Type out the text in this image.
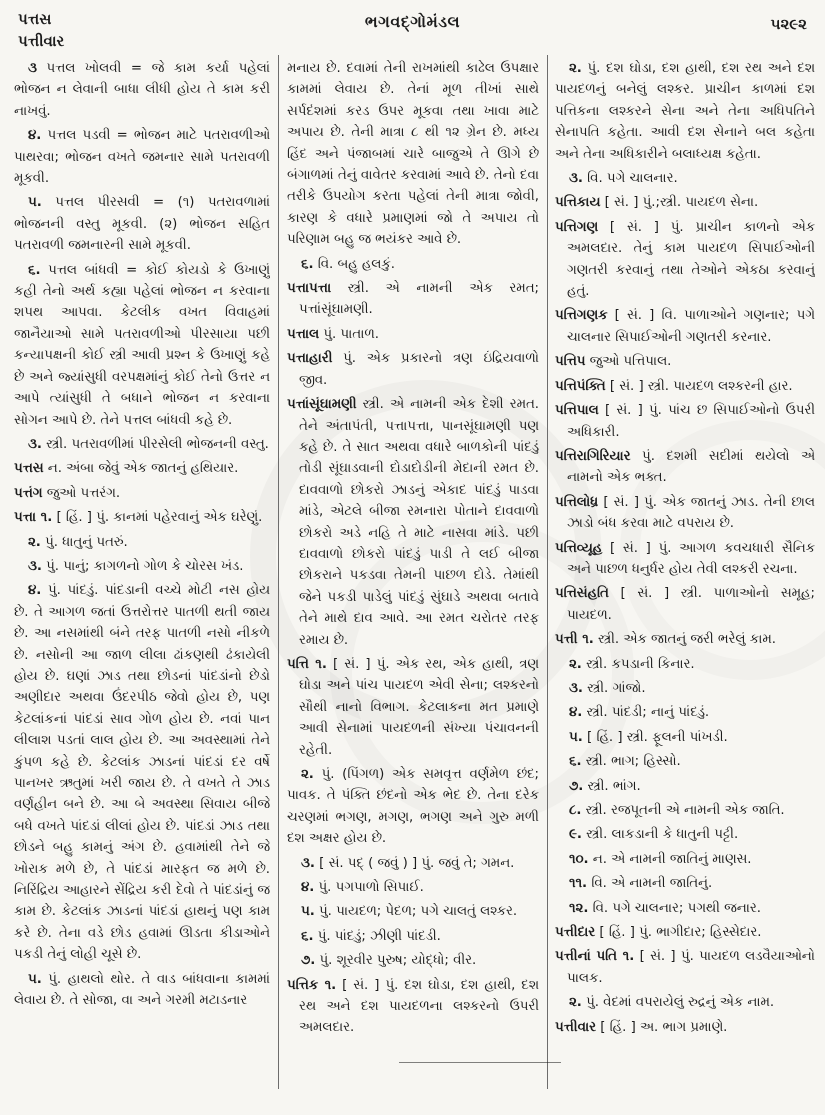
પત્તસ
પત્તીવાર
ભગવદ્ગોમંડલ	૫૨૯૨

૩ પત્તલ ખોલવી = જે કામ કર્યા પહેલાં ભોજન ન લેવાની બાધા લીધી હોય તે કામ કરી નાખવું.

૪. પત્તલ પડવી = ભોજન માટે પતરાવળીઓ પાથરવા; ભોજન વખતે જમનાર સામે પતરાવળી મૂકવી.

૫. પત્તલ પીરસવી = (૧) પતરાવળામાં ભોજનની વસ્તુ મૂકવી. (૨) ભોજન સહિત પતરાવળી જમનારની સામે મૂકવી.

૬. પત્તલ બાંધવી = કોઈ કોયડો કે ઉખાણું કહી તેનો અર્થ કહ્યા પહેલાં ભોજન ન કરવાના શપથ આપવા. કેટલીક વખત વિવાહમાં જાનૈયાઓ સામે પતરાવળીઓ પીરસાયા પછી કન્યાપક્ષની કોઈ સ્ત્રી આવી પ્રશ્ન કે ઉખાણું કહે છે અને જ્યાંસુધી વરપક્ષમાંનું કોઈ તેનો ઉત્તર ન આપે ત્યાંસુધી તે બધાને ભોજન ન કરવાના સોગન આપે છે. તેને પત્તલ બાંધવી કહે છે.

૩. સ્ત્રી. પતરાવળીમાં પીરસેલી ભોજનની વસ્તુ.

પત્તસ ન. અંબા જેવું એક જાતનું હથિયાર.

પત્તંગ જુઓ પત્તરંગ.

પત્તા ૧. [ હિં. ] પું. કાનમાં પહેરવાનું એક ઘરેણું.

૨. પું. ધાતુનું પતરું.

૩. પું. પાનું; કાગળનો ગોળ કે ચોરસ ખંડ.

૪. પું. પાંદડું. પાંદડાની વચ્ચે મોટી નસ હોય છે. તે આગળ જતાં ઉત્તરોત્તર પાતળી થતી જાય છે. આ નસમાંથી બંને તરફ પાતળી નસો નીકળે છે. નસોની આ જાળ લીલા ઢાંકણથી ઢંકાયેલી હોય છે. ઘણાં ઝાડ તથા છોડનાં પાંદડાંનો છેડો અણીદાર અથવા ઉંદરપીઠ જેવો હોય છે, પણ કેટલાંકનાં પાંદડાં સાવ ગોળ હોય છે. નવાં પાન લીલાશ પડતાં લાલ હોય છે. આ અવસ્થામાં તેને કુંપળ કહે છે. કેટલાંક ઝાડનાં પાંદડાં દર વર્ષે પાનખર ઋતુમાં ખરી જાય છે. તે વખતે તે ઝાડ વર્ણહીન બને છે. આ બે અવસ્થા સિવાય બીજે બધે વખતે પાંદડાં લીલાં હોય છે. પાંદડાં ઝાડ તથા છોડને બહુ કામનું અંગ છે. હવામાંથી તેને જે ખોરાક મળે છે, તે પાંદડાં મારફત જ મળે છે. નિરિંદ્રિય આહારને સેંદ્રિય કરી દેવો તે પાંદડાંનું જ કામ છે. કેટલાંક ઝાડનાં પાંદડાં હાથનું પણ કામ કરે છે. તેના વડે છોડ હવામાં ઊડતા કીડાઓને પકડી તેનું લોહી ચૂસે છે.

૫. પું. હાથલો થોર. તે વાડ બાંધવાના કામમાં લેવાય છે. તે સોજા, વા અને ગરમી મટાડનાર

મનાય છે. દવામાં તેની રાખમાંથી કાઢેલ ઉપક્ષાર કામમાં લેવાય છે. તેનાં મૂળ તીખાં સાથે સર્પદંશમાં કરડ ઉપર મૂકવા તથા ખાવા માટે અપાય છે. તેની માત્રા ૮ થી ૧૨ ગ્રેન છે. મધ્ય હિંદ અને પંજાબમાં ચારે બાજુએ તે ઊગે છે બંગાળમાં તેનું વાવેતર કરવામાં આવે છે. તેનો દવા તરીકે ઉપયોગ કરતા પહેલાં તેની માત્રા જોવી, કારણ કે વધારે પ્રમાણમાં જો તે અપાય તો પરિણામ બહુ જ ભયંકર આવે છે.

૬. વિ. બહુ હલકું.

પત્તાપત્તા સ્ત્રી. એ નામની એક રમત; પત્તાંસૂંઘામણી.

પત્તાલ પું. પાતાળ.

પત્તાહારી પું. એક પ્રકારનો ત્રણ ઇંદ્રિયવાળો જીવ.

પત્તાંસૂંઘામણી સ્ત્રી. એ નામની એક દેશી રમત. તેને અંતાપંતી, પત્તાપત્તા, પાનસૂંઘામણી પણ કહે છે. તે સાત અથવા વધારે બાળકોની પાંદડું તોડી સૂંઘાડવાની દોડાદોડીની મેદાની રમત છે. દાવવાળો છોકરો ઝાડનું એકાદ પાંદડું પાડવા માંડે, એટલે બીજા રમનારા પોતાને દાવવાળો છોકરો અડે નહિ તે માટે નાસવા માંડે. પછી દાવવાળો છોકરો પાંદડું પાડી તે લઈ બીજા છોકરાને પકડવા તેમની પાછળ દોડે. તેમાંથી જેને પકડી પાડેલું પાંદડું સુંઘાડે અથવા બતાવે તેને માથે દાવ આવે. આ રમત ચરોતર તરફ રમાય છે.

પત્તિ ૧. [ સં. ] પું. એક રથ, એક હાથી, ત્રણ ઘોડા અને પાંચ પાયદળ એવી સેના; લશ્કરનો સૌથી નાનો વિભાગ. કેટલાકના મત પ્રમાણે આવી સેનામાં પાયદળની સંખ્યા પંચાવનની રહેતી.

૨. પું. (પિંગળ) એક સમવૃત્ત વર્ણમેળ છંદ; પાવક. તે પંક્તિ છંદનો એક ભેદ છે. તેના દરેક ચરણમાં ભગણ, મગણ, ભગણ અને ગુરુ મળી દશ અક્ષર હોય છે.

૩. [ સં. પદ્ ( જવું ) ] પું. જવું તે; ગમન.

૪. પું. પગપાળો સિપાઈ.

૫. પું. પાયદળ; પેદળ; પગે ચાલતું લશ્કર.

૬. પું. પાંદડું; ઝીણી પાંદડી.

૭. પું. શૂરવીર પુરુષ; યોદ્ધો; વીર.

પત્તિક ૧. [ સં. ] પું. દશ ઘોડા, દશ હાથી, દશ રથ અને દશ પાયદળના લશ્કરનો ઉપરી અમલદાર.

૨. પું. દશ ઘોડા, દશ હાથી, દશ રથ અને દશ પાયદળનું બનેલું લશ્કર. પ્રાચીન કાળમાં દશ પત્તિકના લશ્કરને સેના અને તેના અધિપતિને સેનાપતિ કહેતા. આવી દશ સેનાને બલ કહેતા અને તેના અધિકારીને બલાધ્યક્ષ કહેતા.

૩. વિ. પગે ચાલનાર.

પત્તિકાય [ સં. ] પું.;સ્ત્રી. પાયદળ સેના.

પત્તિગણ [ સં. ] પું. પ્રાચીન કાળનો એક અમલદાર. તેનું કામ પાયદળ સિપાઈઓની ગણતરી કરવાનું તથા તેઓને એકઠા કરવાનું હતું.

પત્તિગણક [ સં. ] વિ. પાળાઓને ગણનાર; પગે ચાલનાર સિપાઈઓની ગણતરી કરનાર.

પત્તિપ જુઓ પત્તિપાલ.

પત્તિપંક્તિ [ સં. ] સ્ત્રી. પાયદળ લશ્કરની હાર.

પત્તિપાલ [ સં. ] પું. પાંચ છ સિપાઈઓનો ઉપરી અધિકારી.

પત્તિરાગિરિયાર પું. દશમી સદીમાં થયેલો એ નામનો એક ભક્ત.

પત્તિલોધ્ર [ સં. ] પું. એક જાતનું ઝાડ. તેની છાલ ઝાડો બંધ કરવા માટે વપરાય છે.

પત્તિવ્યૂહ [ સં. ] પું. આગળ કવચધારી સૈનિક અને પાછળ ધનુર્ધર હોય તેવી લશ્કરી રચના.

પત્તિસંહતિ [ સં. ] સ્ત્રી. પાળાઓનો સમૂહ; પાયદળ.

પત્તી ૧. સ્ત્રી. એક જાતનું જરી ભરેલું કામ.

૨. સ્ત્રી. કપડાની કિનાર.

૩. સ્ત્રી. ગાંજો.

૪. સ્ત્રી. પાંદડી; નાનું પાંદડું.

૫. [ હિં. ] સ્ત્રી. ફૂલની પાંખડી.

૬. સ્ત્રી. ભાગ; હિસ્સો.

૭. સ્ત્રી. ભાંગ.

૮. સ્ત્રી. રજપૂતની એ નામની એક જાતિ.

૯. સ્ત્રી. લાકડાની કે ધાતુની પટ્ટી.

૧૦. ન. એ નામની જાતિનું માણસ.

૧૧. વિ. એ નામની જાતિનું.

૧૨. વિ. પગે ચાલનાર; પગથી જનાર.

પત્તીદાર [ હિં. ] પું. ભાગીદાર; હિસ્સેદાર.

પત્તીનાં પતિ ૧. [ સં. ] પું. પાયદળ લડવૈયાઓનો પાલક.

૨. પું. વેદમાં વપરાયેલું રુદ્રનું એક નામ.

પત્તીવાર [ હિં. ] અ. ભાગ પ્રમાણે.
